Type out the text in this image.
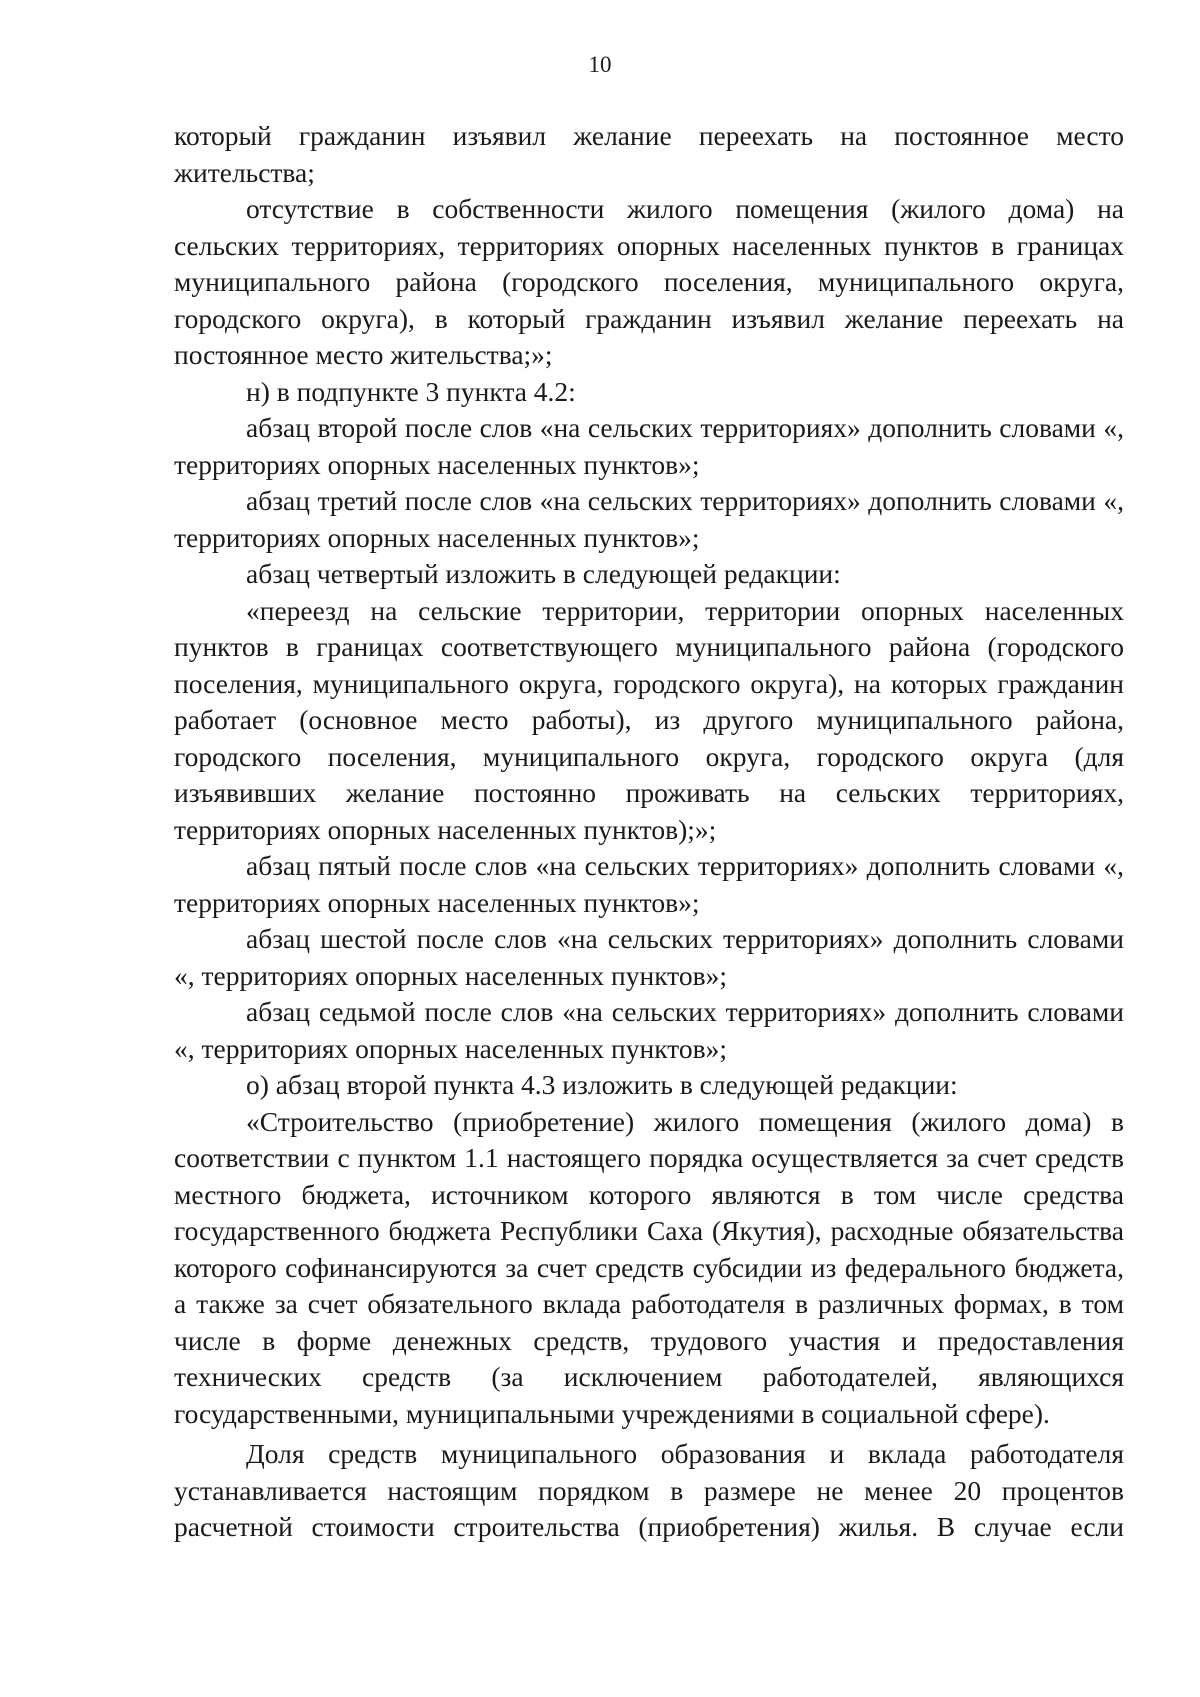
10

который гражданин изъявил желание переехать на постоянное место жительства;

отсутствие в собственности жилого помещения (жилого дома) на сельских территориях, территориях опорных населенных пунктов в границах муниципального района (городского поселения, муниципального округа, городского округа), в который гражданин изъявил желание переехать на постоянное место жительства;»;

н) в подпункте 3 пункта 4.2:

абзац второй после слов «на сельских территориях» дополнить словами «, территориях опорных населенных пунктов»;

абзац третий после слов «на сельских территориях» дополнить словами «, территориях опорных населенных пунктов»;

абзац четвертый изложить в следующей редакции:

«переезд на сельские территории, территории опорных населенных пунктов в границах соответствующего муниципального района (городского поселения, муниципального округа, городского округа), на которых гражданин работает (основное место работы), из другого муниципального района, городского поселения, муниципального округа, городского округа (для изъявивших желание постоянно проживать на сельских территориях, территориях опорных населенных пунктов);»;

абзац пятый после слов «на сельских территориях» дополнить словами «, территориях опорных населенных пунктов»;

абзац шестой после слов «на сельских территориях» дополнить словами «, территориях опорных населенных пунктов»;

абзац седьмой после слов «на сельских территориях» дополнить словами «, территориях опорных населенных пунктов»;

о) абзац второй пункта 4.3 изложить в следующей редакции:

«Строительство (приобретение) жилого помещения (жилого дома) в соответствии с пунктом 1.1 настоящего порядка осуществляется за счет средств местного бюджета, источником которого являются в том числе средства государственного бюджета Республики Саха (Якутия), расходные обязательства которого софинансируются за счет средств субсидии из федерального бюджета, а также за счет обязательного вклада работодателя в различных формах, в том числе в форме денежных средств, трудового участия и предоставления технических средств (за исключением работодателей, являющихся государственными, муниципальными учреждениями в социальной сфере).

Доля средств муниципального образования и вклада работодателя устанавливается настоящим порядком в размере не менее 20 процентов расчетной стоимости строительства (приобретения) жилья. В случае если
